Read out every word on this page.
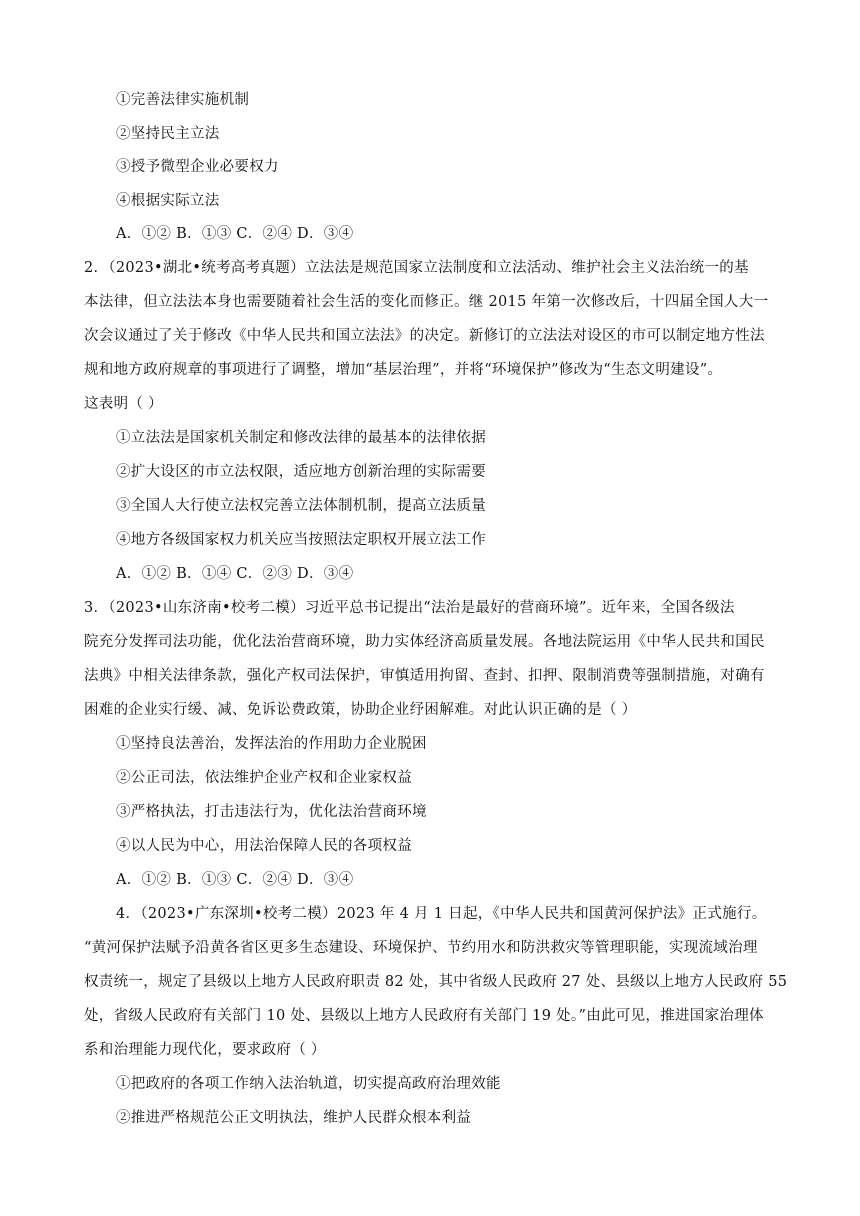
①完善法律实施机制
②坚持民主立法
③授予微型企业必要权力
④根据实际立法
A．①② B．①③ C．②④ D．③④
2．（2023•湖北•统考高考真题）立法法是规范国家立法制度和立法活动、维护社会主义法治统一的基
本法律，但立法法本身也需要随着社会生活的变化而修正。继 2015 年第一次修改后，十四届全国人大一
次会议通过了关于修改《中华人民共和国立法法》的决定。新修订的立法法对设区的市可以制定地方性法
规和地方政府规章的事项进行了调整，增加“基层治理”，并将“环境保护”修改为“生态文明建设”。
这表明（ ）
①立法法是国家机关制定和修改法律的最基本的法律依据
②扩大设区的市立法权限，适应地方创新治理的实际需要
③全国人大行使立法权完善立法体制机制，提高立法质量
④地方各级国家权力机关应当按照法定职权开展立法工作
A．①② B．①④ C．②③ D．③④
3．（2023•山东济南•校考二模）习近平总书记提出“法治是最好的营商环境”。近年来，全国各级法
院充分发挥司法功能，优化法治营商环境，助力实体经济高质量发展。各地法院运用《中华人民共和国民
法典》中相关法律条款，强化产权司法保护，审慎适用拘留、查封、扣押、限制消费等强制措施，对确有
困难的企业实行缓、减、免诉讼费政策，协助企业纾困解难。对此认识正确的是（ ）
①坚持良法善治，发挥法治的作用助力企业脱困
②公正司法，依法维护企业产权和企业家权益
③严格执法，打击违法行为，优化法治营商环境
④以人民为中心，用法治保障人民的各项权益
A．①② B．①③ C．②④ D．③④
4．（2023•广东深圳•校考二模）2023 年 4 月 1 日起，《中华人民共和国黄河保护法》正式施行。
“黄河保护法赋予沿黄各省区更多生态建设、环境保护、节约用水和防洪救灾等管理职能，实现流域治理
权责统一，规定了县级以上地方人民政府职责 82 处，其中省级人民政府 27 处、县级以上地方人民政府 55
处，省级人民政府有关部门 10 处、县级以上地方人民政府有关部门 19 处。”由此可见，推进国家治理体
系和治理能力现代化，要求政府（ ）
①把政府的各项工作纳入法治轨道，切实提高政府治理效能
②推进严格规范公正文明执法，维护人民群众根本利益
